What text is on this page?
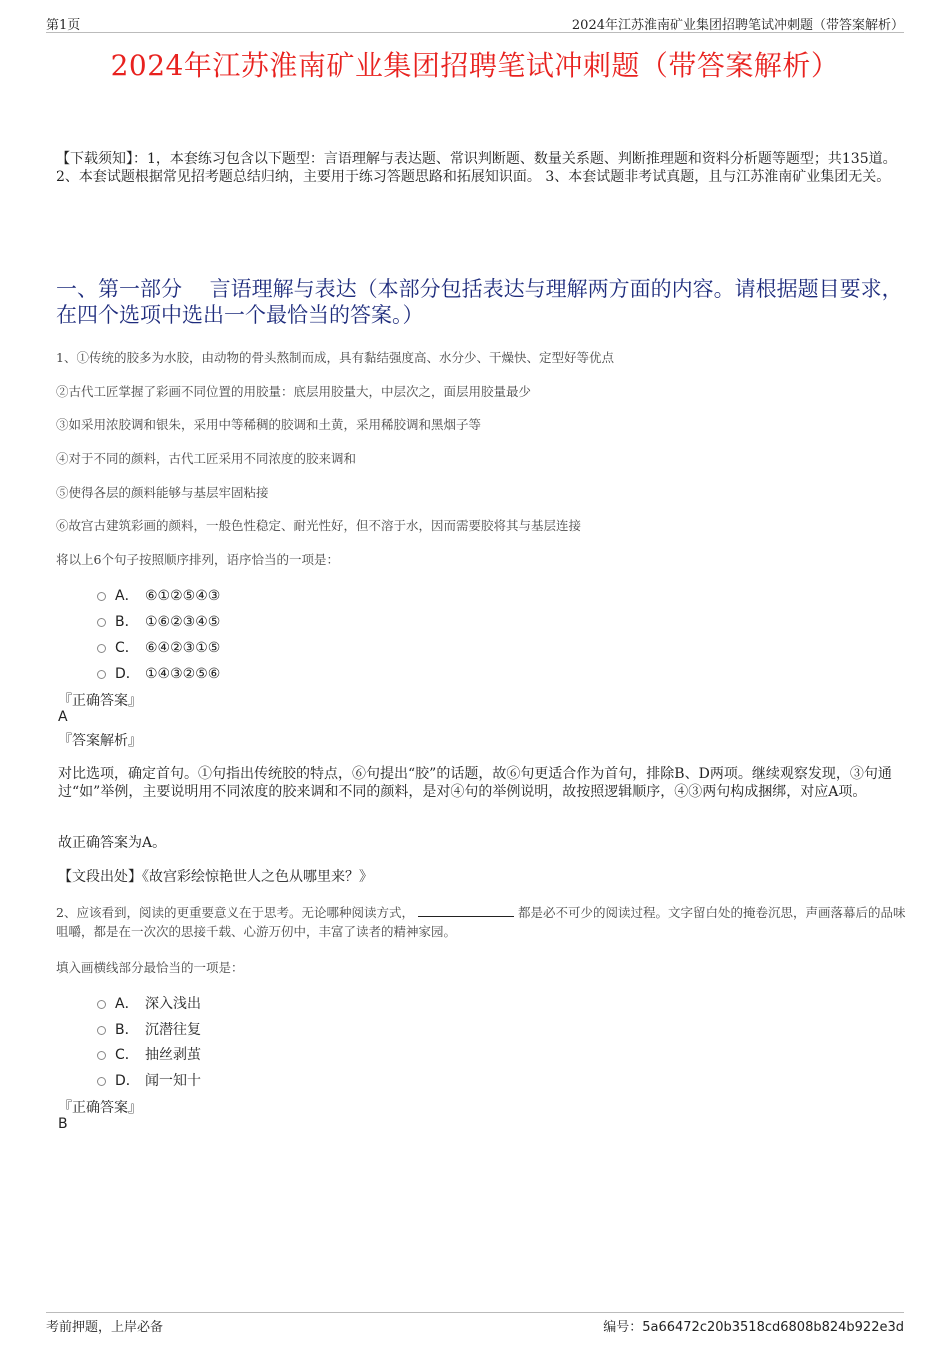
第1页	2024年江苏淮南矿业集团招聘笔试冲刺题（带答案解析）
2024年江苏淮南矿业集团招聘笔试冲刺题（带答案解析）
【下载须知】：1，本套练习包含以下题型：言语理解与表达题、常识判断题、数量关系题、判断推理题和资料分析题等题型；共135道。 2、本套试题根据常见招考题总结归纳，主要用于练习答题思路和拓展知识面。 3、本套试题非考试真题，且与江苏淮南矿业集团无关。
一、第一部分　 言语理解与表达（本部分包括表达与理解两方面的内容。请根据题目要求，在四个选项中选出一个最恰当的答案。）
1、①传统的胶多为水胶，由动物的骨头熬制而成，具有黏结强度高、水分少、干燥快、定型好等优点
②古代工匠掌握了彩画不同位置的用胶量：底层用胶量大，中层次之，面层用胶量最少
③如采用浓胶调和银朱，采用中等稀稠的胶调和土黄，采用稀胶调和黑烟子等
④对于不同的颜料，古代工匠采用不同浓度的胶来调和
⑤使得各层的颜料能够与基层牢固粘接
⑥故宫古建筑彩画的颜料，一般色性稳定、耐光性好，但不溶于水，因而需要胶将其与基层连接
将以上6个句子按照顺序排列，语序恰当的一项是：
A． ⑥①②⑤④③
B． ①⑥②③④⑤
C． ⑥④②③①⑤
D． ①④③②⑤⑥
『正确答案』
A
『答案解析』
对比选项，确定首句。①句指出传统胶的特点，⑥句提出“胶”的话题，故⑥句更适合作为首句，排除B、D两项。继续观察发现，③句通过“如”举例，主要说明用不同浓度的胶来调和不同的颜料，是对④句的举例说明，故按照逻辑顺序，④③两句构成捆绑，对应A项。
故正确答案为A。
【文段出处】《故宫彩绘惊艳世人之色从哪里来？》
2、应该看到，阅读的更重要意义在于思考。无论哪种阅读方式，	都是必不可少的阅读过程。文字留白处的掩卷沉思，声画落幕后的品味咀嚼，都是在一次次的思接千载、心游万仞中，丰富了读者的精神家园。
填入画横线部分最恰当的一项是：
A． 深入浅出
B． 沉潜往复
C． 抽丝剥茧
D． 闻一知十
『正确答案』
B
考前押题，上岸必备	编号：5a66472c20b3518cd6808b824b922e3d
